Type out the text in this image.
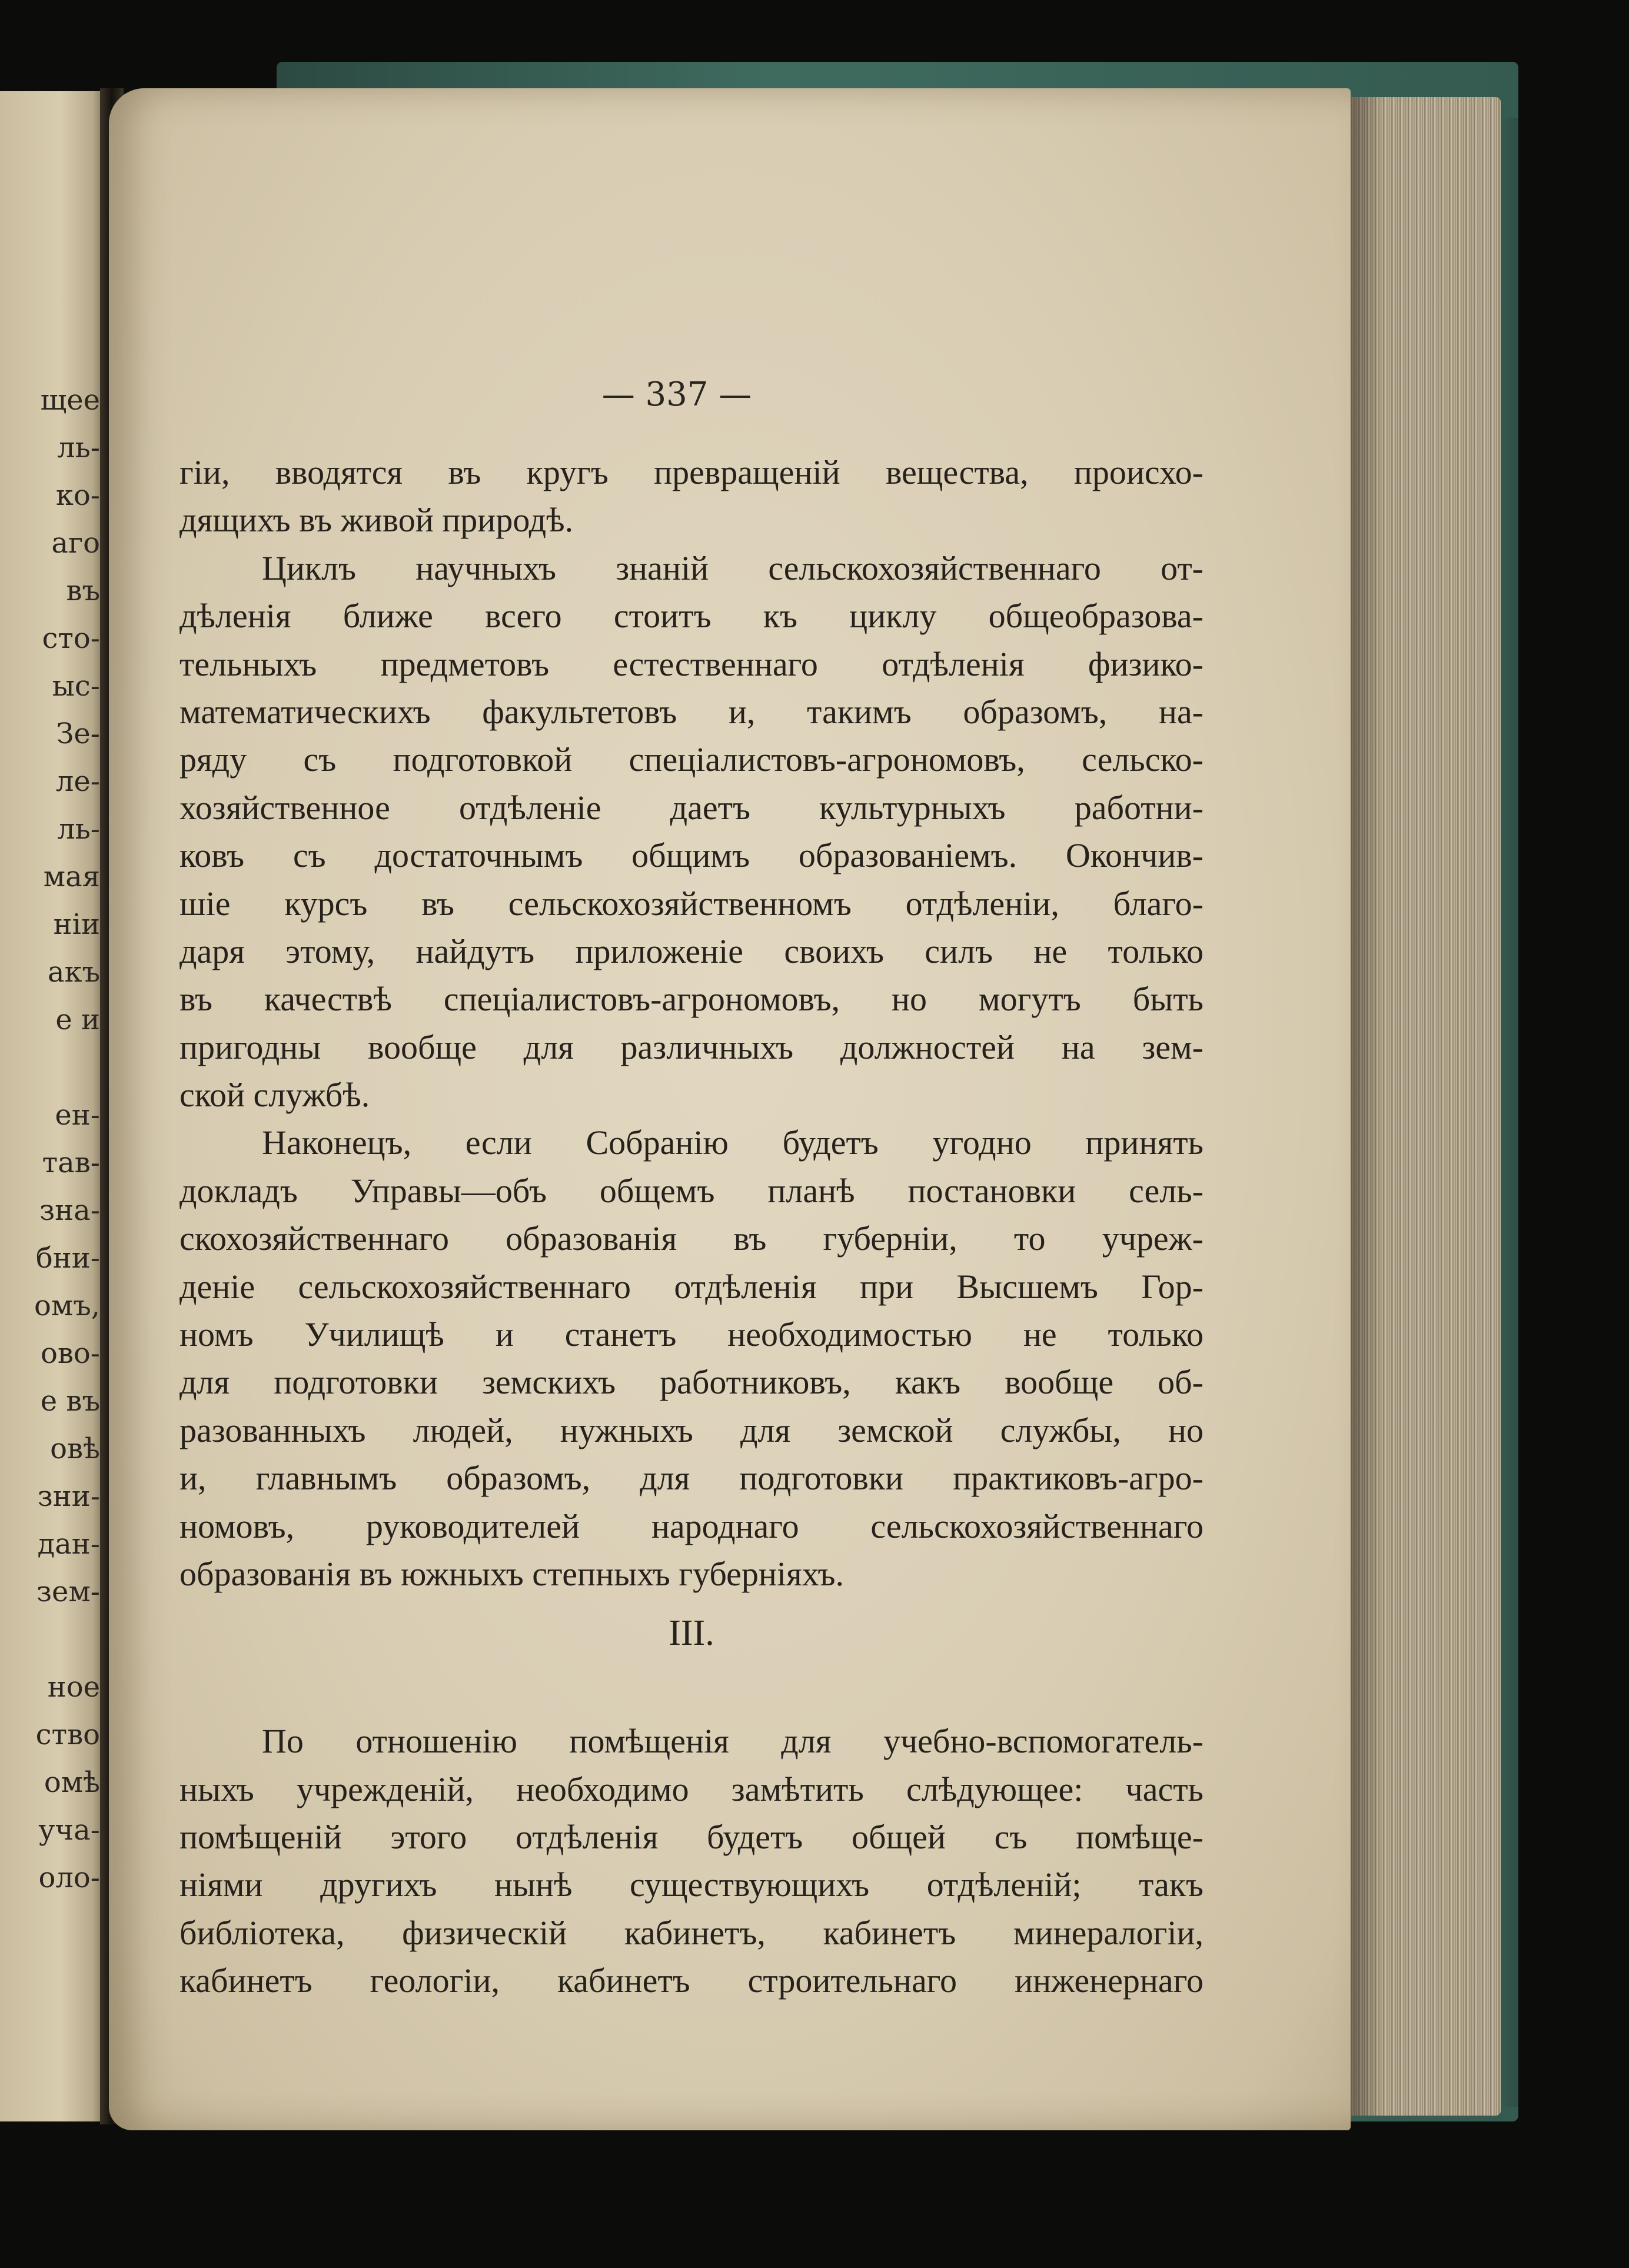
щее
ль-
ко-
аго
въ
сто-
ыс-
Зе-
ле-
ль-
мая
ніи
акъ
е и
ен-
тав-
зна-
бни-
омъ,
ово-
е въ
овѣ
зни-
дан-
зем-
ное
ство
омѣ
уча-
оло-
— 337 —
гіи, вводятся въ кругъ превращеній вещества, происхо-
дящихъ въ живой природѣ.
Циклъ научныхъ знаній сельскохозяйственнаго от-
дѣленія ближе всего стоитъ къ циклу общеобразова-
тельныхъ предметовъ естественнаго отдѣленія физико-
математическихъ факультетовъ и, такимъ образомъ, на-
ряду съ подготовкой спеціалистовъ-агрономовъ, сельско-
хозяйственное отдѣленіе даетъ культурныхъ работни-
ковъ съ достаточнымъ общимъ образованіемъ. Окончив-
шіе курсъ въ сельскохозяйственномъ отдѣленіи, благо-
даря этому, найдутъ приложеніе своихъ силъ не только
въ качествѣ спеціалистовъ-агрономовъ, но могутъ быть
пригодны вообще для различныхъ должностей на зем-
ской службѣ.
Наконецъ, если Собранію будетъ угодно принять
докладъ Управы—объ общемъ планѣ постановки сель-
скохозяйственнаго образованія въ губерніи, то учреж-
деніе сельскохозяйственнаго отдѣленія при Высшемъ Гор-
номъ Училищѣ и станетъ необходимостью не только
для подготовки земскихъ работниковъ, какъ вообще об-
разованныхъ людей, нужныхъ для земской службы, но
и, главнымъ образомъ, для подготовки практиковъ-агро-
номовъ, руководителей народнаго сельскохозяйственнаго
образованія въ южныхъ степныхъ губерніяхъ.
III.
По отношенію помѣщенія для учебно-вспомогатель-
ныхъ учрежденій, необходимо замѣтить слѣдующее: часть
помѣщеній этого отдѣленія будетъ общей съ помѣще-
ніями другихъ нынѣ существующихъ отдѣленій; такъ
библіотека, физическій кабинетъ, кабинетъ минералогіи,
кабинетъ геологіи, кабинетъ строительнаго инженернаго
